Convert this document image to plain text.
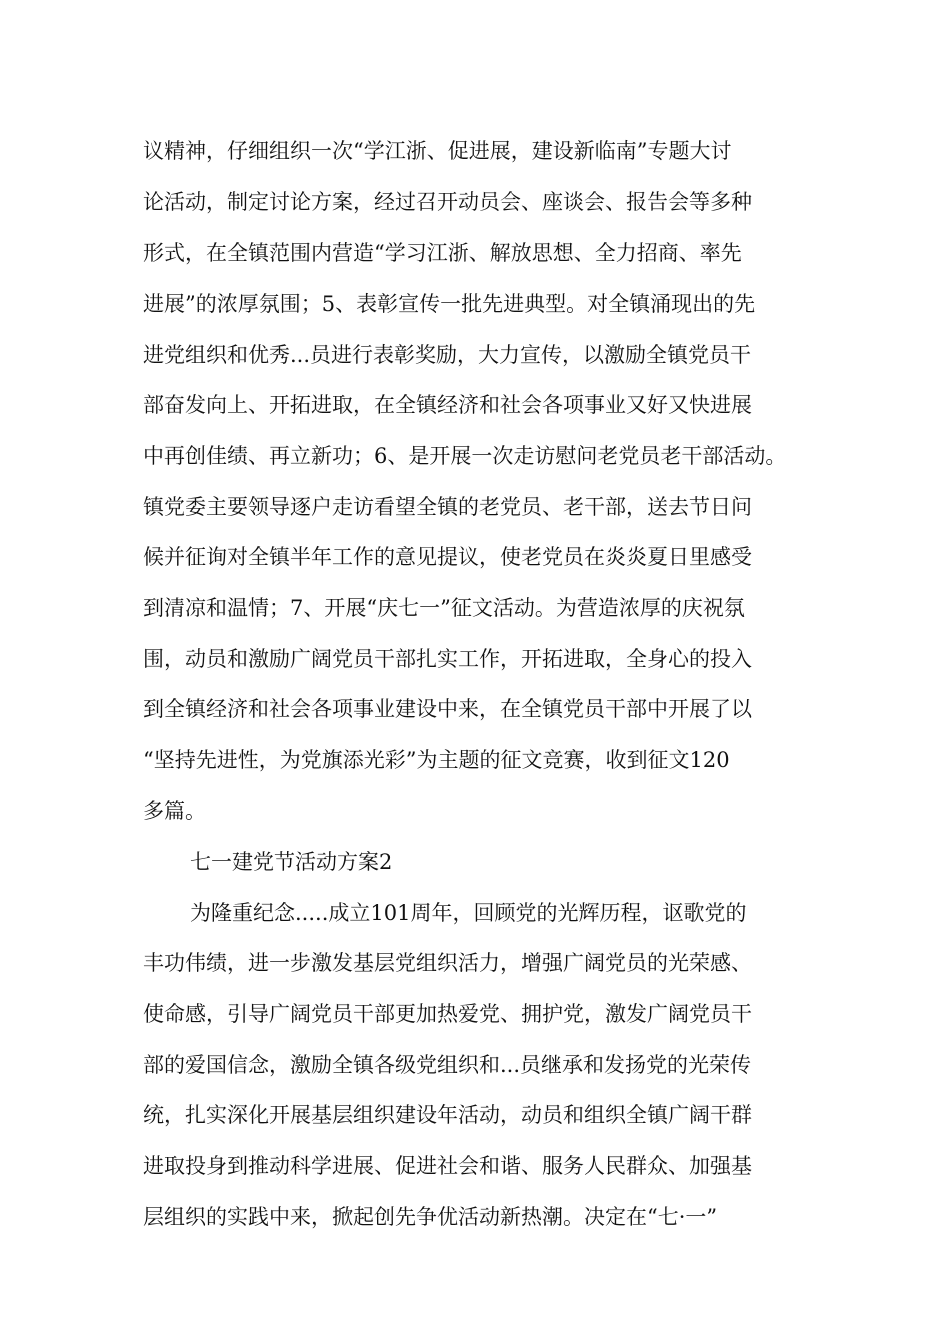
议精神，仔细组织一次“学江浙、促进展，建设新临南”专题大讨
论活动，制定讨论方案，经过召开动员会、座谈会、报告会等多种
形式，在全镇范围内营造“学习江浙、解放思想、全力招商、率先
进展”的浓厚氛围；5、表彰宣传一批先进典型。对全镇涌现出的先
进党组织和优秀...员进行表彰奖励，大力宣传，以激励全镇党员干
部奋发向上、开拓进取，在全镇经济和社会各项事业又好又快进展
中再创佳绩、再立新功；6、是开展一次走访慰问老党员老干部活动。
镇党委主要领导逐户走访看望全镇的老党员、老干部，送去节日问
候并征询对全镇半年工作的意见提议，使老党员在炎炎夏日里感受
到清凉和温情；7、开展“庆七一”征文活动。为营造浓厚的庆祝氛
围，动员和激励广阔党员干部扎实工作，开拓进取，全身心的投入
到全镇经济和社会各项事业建设中来，在全镇党员干部中开展了以
“坚持先进性，为党旗添光彩”为主题的征文竞赛，收到征文120
多篇。
七一建党节活动方案2
为隆重纪念.....成立101周年，回顾党的光辉历程，讴歌党的
丰功伟绩，进一步激发基层党组织活力，增强广阔党员的光荣感、
使命感，引导广阔党员干部更加热爱党、拥护党，激发广阔党员干
部的爱国信念，激励全镇各级党组织和...员继承和发扬党的光荣传
统，扎实深化开展基层组织建设年活动，动员和组织全镇广阔干群
进取投身到推动科学进展、促进社会和谐、服务人民群众、加强基
层组织的实践中来，掀起创先争优活动新热潮。决定在“七·一”
